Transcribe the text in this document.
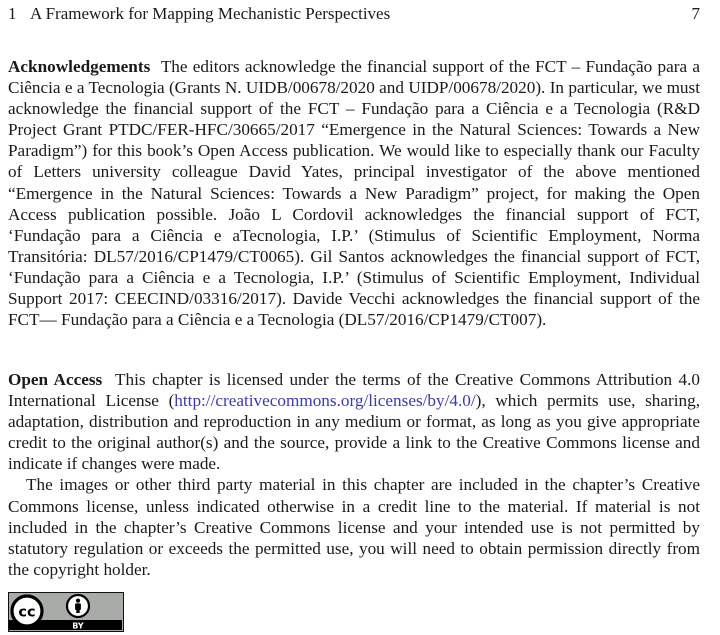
1 A Framework for Mapping Mechanistic Perspectives	7

Acknowledgements The editors acknowledge the financial support of the FCT – Fundação para a Ciência e a Tecnologia (Grants N. UIDB/00678/2020 and UIDP/00678/2020). In particular, we must acknowledge the financial support of the FCT – Fundação para a Ciência e a Tecnologia (R&D Project Grant PTDC/FER-HFC/30665/2017 “Emergence in the Natural Sciences: Towards a New Paradigm”) for this book’s Open Access publication. We would like to especially thank our Faculty of Letters university colleague David Yates, principal investigator of the above mentioned “Emergence in the Natural Sciences: Towards a New Paradigm” project, for making the Open Access publication possible. João L Cordovil acknowledges the financial support of FCT, ‘Fundação para a Ciência e aTecnologia, I.P.’ (Stimulus of Scientific Employment, Norma Transitória: DL57/2016/CP1479/CT0065). Gil Santos acknowledges the financial support of FCT, ‘Fundação para a Ciência e a Tecnologia, I.P.’ (Stimulus of Scientific Employment, Individual Support 2017: CEECIND/03316/2017). Davide Vecchi acknowledges the financial support of the FCT— Fundação para a Ciência e a Tecnologia (DL57/2016/CP1479/CT007).

Open Access This chapter is licensed under the terms of the Creative Commons Attribution 4.0 International License (http://creativecommons.org/licenses/by/4.0/), which permits use, sharing, adaptation, distribution and reproduction in any medium or format, as long as you give appropriate credit to the original author(s) and the source, provide a link to the Creative Commons license and indicate if changes were made.

The images or other third party material in this chapter are included in the chapter’s Creative Commons license, unless indicated otherwise in a credit line to the material. If material is not included in the chapter’s Creative Commons license and your intended use is not permitted by statutory regulation or exceeds the permitted use, you will need to obtain permission directly from the copyright holder.

cc
BY
